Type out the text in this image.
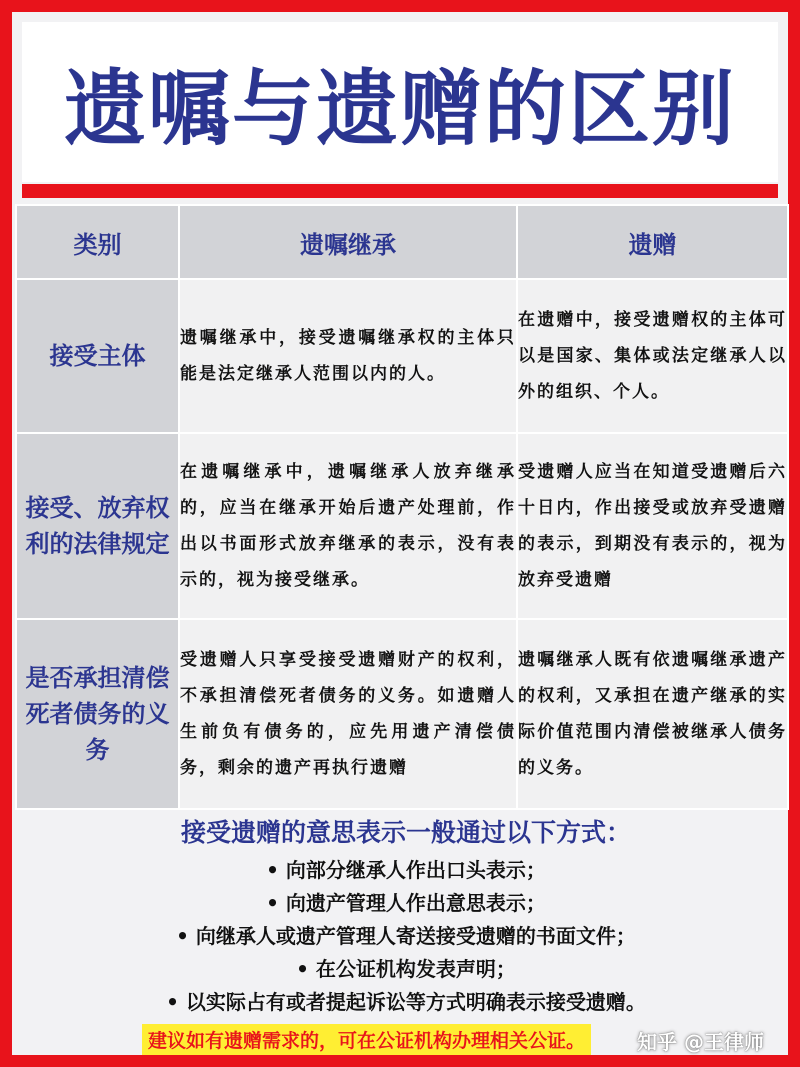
遗嘱与遗赠的区别
类别	遗嘱继承	遗赠
接受主体	遗嘱继承中，接受遗嘱继承权的主体只能是法定继承人范围以内的人。	在遗赠中，接受遗赠权的主体可以是国家、集体或法定继承人以外的组织、个人。
接受、放弃权利的法律规定	在遗嘱继承中，遗嘱继承人放弃继承的，应当在继承开始后遗产处理前，作出以书面形式放弃继承的表示，没有表示的，视为接受继承。	受遗赠人应当在知道受遗赠后六十日内，作出接受或放弃受遗赠的表示，到期没有表示的，视为放弃受遗赠
是否承担清偿死者债务的义务	受遗赠人只享受接受遗赠财产的权利，不承担清偿死者债务的义务。如遗赠人生前负有债务的，应先用遗产清偿债务，剩余的遗产再执行遗赠	遗嘱继承人既有依遗嘱继承遗产的权利，又承担在遗产继承的实际价值范围内清偿被继承人债务的义务。
接受遗赠的意思表示一般通过以下方式：
• 向部分继承人作出口头表示；
• 向遗产管理人作出意思表示；
• 向继承人或遗产管理人寄送接受遗赠的书面文件；
• 在公证机构发表声明；
• 以实际占有或者提起诉讼等方式明确表示接受遗赠。
建议如有遗赠需求的，可在公证机构办理相关公证。	知乎 @王律师
